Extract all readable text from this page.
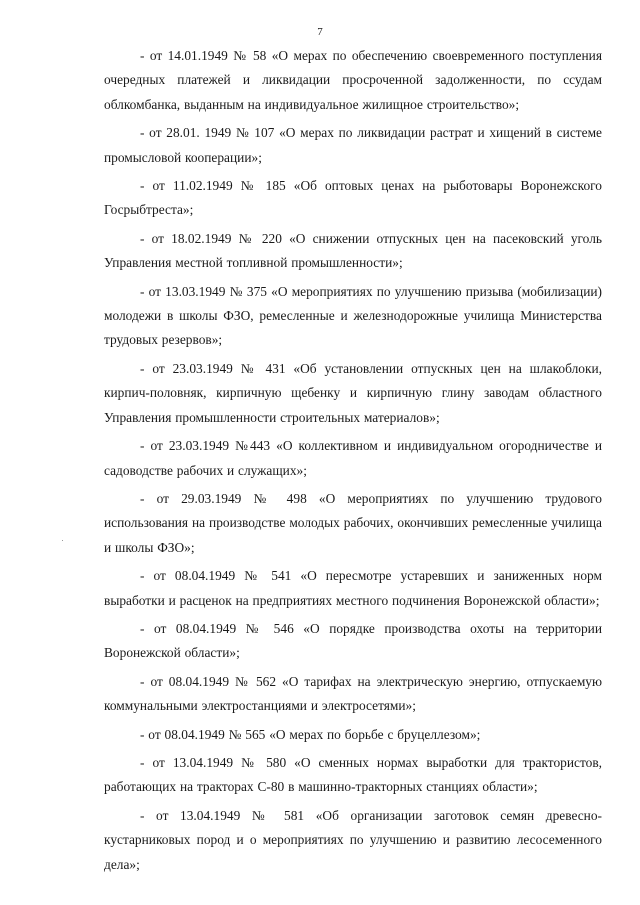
7

- от 14.01.1949 № 58 «О мерах по обеспечению своевременного поступления очередных платежей и ликвидации просроченной задолженности, по ссудам облкомбанка, выданным на индивидуальное жилищное строительство»;

- от 28.01. 1949 № 107 «О мерах по ликвидации растрат и хищений в системе промысловой кооперации»;

- от 11.02.1949 № 185 «Об оптовых ценах на рыботовары Воронежского Госрыбтреста»;

- от 18.02.1949 № 220 «О снижении отпускных цен на пасековский уголь Управления местной топливной промышленности»;

- от 13.03.1949 № 375 «О мероприятиях по улучшению призыва (мобилизации) молодежи в школы ФЗО, ремесленные и железнодорожные училища Министерства трудовых резервов»;

- от 23.03.1949 № 431 «Об установлении отпускных цен на шлакоблоки, кирпич-половняк, кирпичную щебенку и кирпичную глину заводам областного Управления промышленности строительных материалов»;

- от 23.03.1949 №443 «О коллективном и индивидуальном огородничестве и садоводстве рабочих и служащих»;

- от 29.03.1949 № 498 «О мероприятиях по улучшению трудового использования на производстве молодых рабочих, окончивших ремесленные училища и школы ФЗО»;

- от 08.04.1949 № 541 «О пересмотре устаревших и заниженных норм выработки и расценок на предприятиях местного подчинения Воронежской области»;

- от 08.04.1949 № 546 «О порядке производства охоты на территории Воронежской области»;

- от 08.04.1949 № 562 «О тарифах на электрическую энергию, отпускаемую коммунальными электростанциями и электросетями»;

- от 08.04.1949 № 565 «О мерах по борьбе с бруцеллезом»;

- от 13.04.1949 № 580 «О сменных нормах выработки для трактористов, работающих на тракторах С-80 в машинно-тракторных станциях области»;

- от 13.04.1949 № 581 «Об организации заготовок семян древесно-кустарниковых пород и о мероприятиях по улучшению и развитию лесосеменного дела»;
